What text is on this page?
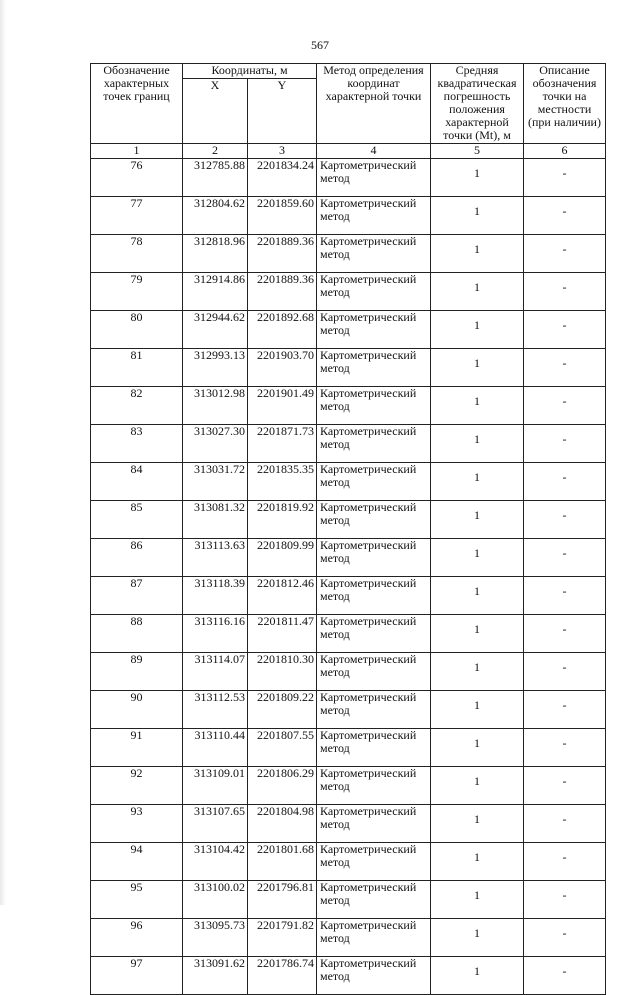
567
Обозначение характерных точек границ	Координаты, м		Метод определения координат характерной точки	Средняя квадратическая погрешность положения характерной точки (Mt), м	Описание обозначения точки на местности (при наличии)
	X	Y			
1	2	3	4	5	6
76	312785.88	2201834.24	Картометрический метод	1	-
77	312804.62	2201859.60	Картометрический метод	1	-
78	312818.96	2201889.36	Картометрический метод	1	-
79	312914.86	2201889.36	Картометрический метод	1	-
80	312944.62	2201892.68	Картометрический метод	1	-
81	312993.13	2201903.70	Картометрический метод	1	-
82	313012.98	2201901.49	Картометрический метод	1	-
83	313027.30	2201871.73	Картометрический метод	1	-
84	313031.72	2201835.35	Картометрический метод	1	-
85	313081.32	2201819.92	Картометрический метод	1	-
86	313113.63	2201809.99	Картометрический метод	1	-
87	313118.39	2201812.46	Картометрический метод	1	-
88	313116.16	2201811.47	Картометрический метод	1	-
89	313114.07	2201810.30	Картометрический метод	1	-
90	313112.53	2201809.22	Картометрический метод	1	-
91	313110.44	2201807.55	Картометрический метод	1	-
92	313109.01	2201806.29	Картометрический метод	1	-
93	313107.65	2201804.98	Картометрический метод	1	-
94	313104.42	2201801.68	Картометрический метод	1	-
95	313100.02	2201796.81	Картометрический метод	1	-
96	313095.73	2201791.82	Картометрический метод	1	-
97	313091.62	2201786.74	Картометрический метод	1	-
